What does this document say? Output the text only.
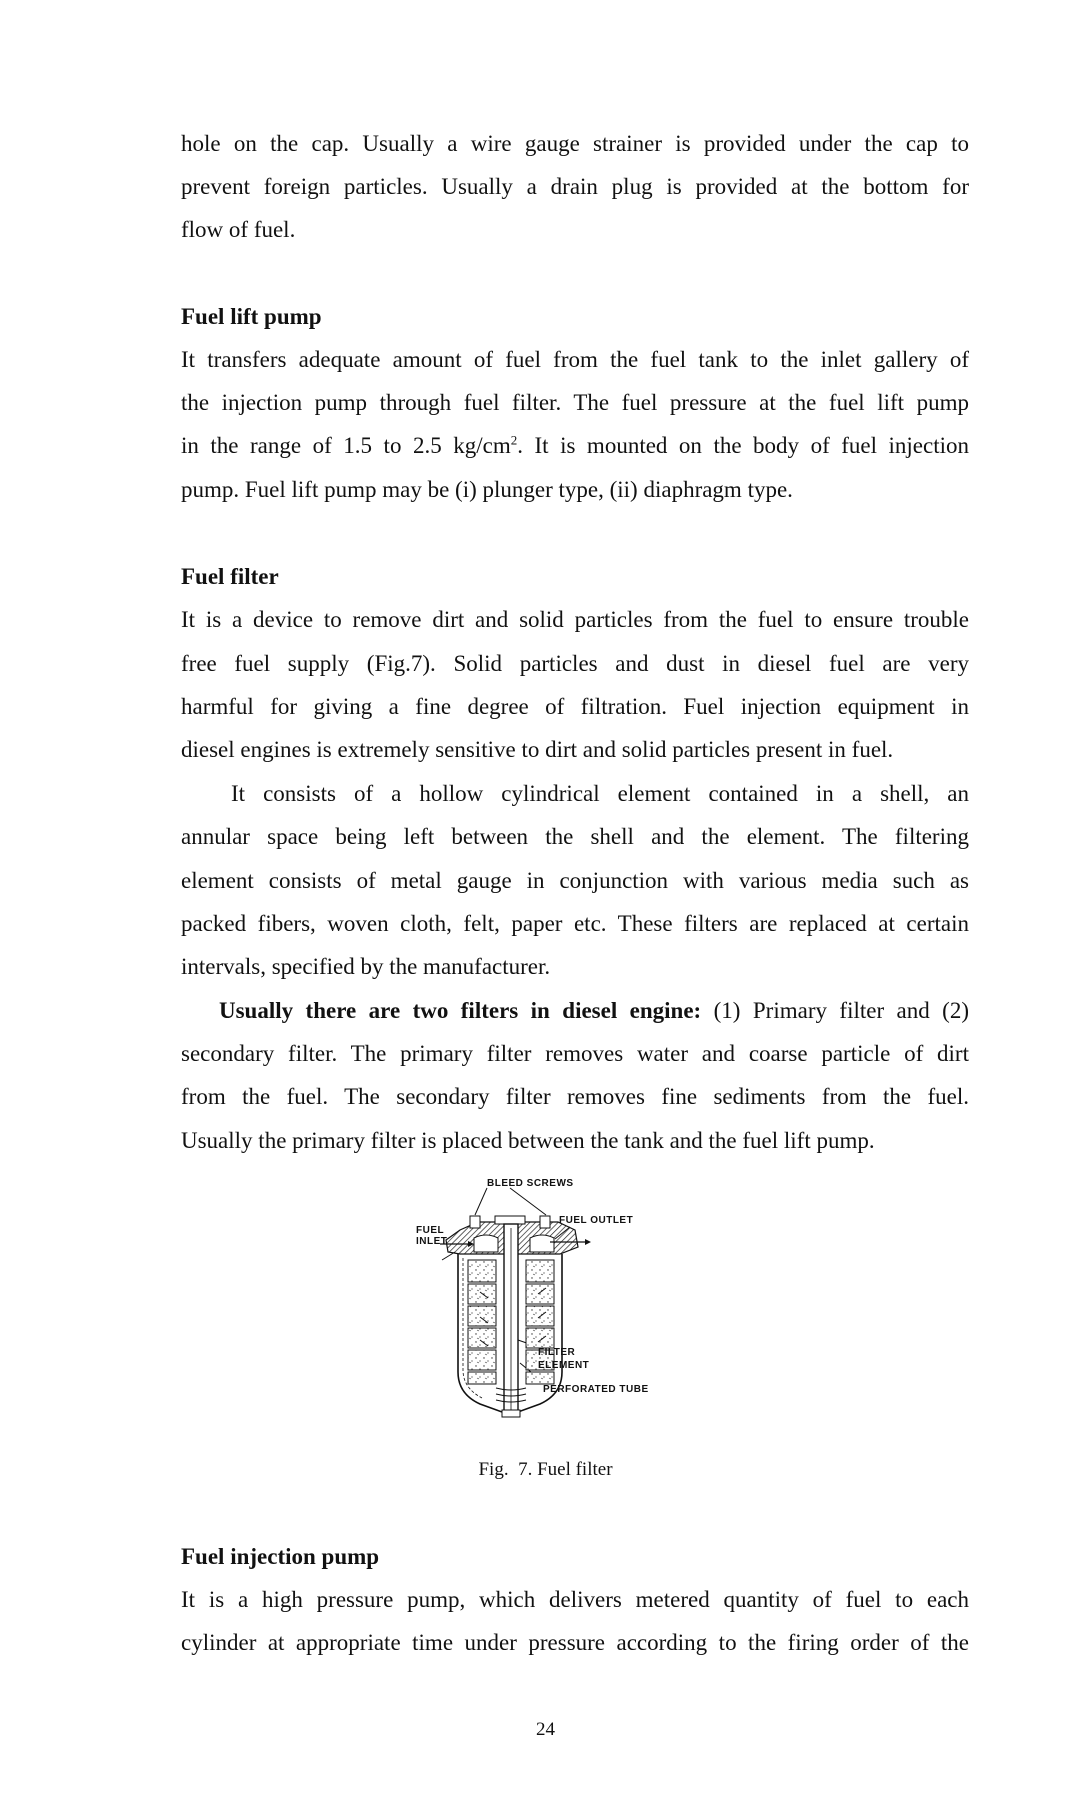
hole on the cap. Usually a wire gauge strainer is provided under the cap to
prevent foreign particles. Usually a drain plug is provided at the bottom for
flow of fuel.
Fuel lift pump
It transfers adequate amount of fuel from the fuel tank to the inlet gallery of
the injection pump through fuel filter. The fuel pressure at the fuel lift pump
in the range of 1.5 to 2.5 $kg/cm^2$. It is mounted on the body of fuel injection
pump. Fuel lift pump may be (i) plunger type, (ii) diaphragm type.
Fuel filter
It is a device to remove dirt and solid particles from the fuel to ensure trouble
free fuel supply (Fig.7). Solid particles and dust in diesel fuel are very
harmful for giving a fine degree of filtration. Fuel injection equipment in
diesel engines is extremely sensitive to dirt and solid particles present in fuel.
It consists of a hollow cylindrical element contained in a shell, an
annular space being left between the shell and the element. The filtering
element consists of metal gauge in conjunction with various media such as
packed fibers, woven cloth, felt, paper etc. These filters are replaced at certain
intervals, specified by the manufacturer.
Usually there are two filters in diesel engine: (1) Primary filter and (2)
secondary filter. The primary filter removes water and coarse particle of dirt
from the fuel. The secondary filter removes fine sediments from the fuel.
Usually the primary filter is placed between the tank and the fuel lift pump.
BLEED SCREWS
FUEL OUTLET
FUEL
INLET
FILTER
ELEMENT
PERFORATED TUBE
Fig. 7. Fuel filter
Fuel injection pump
It is a high pressure pump, which delivers metered quantity of fuel to each
cylinder at appropriate time under pressure according to the firing order of the
24
